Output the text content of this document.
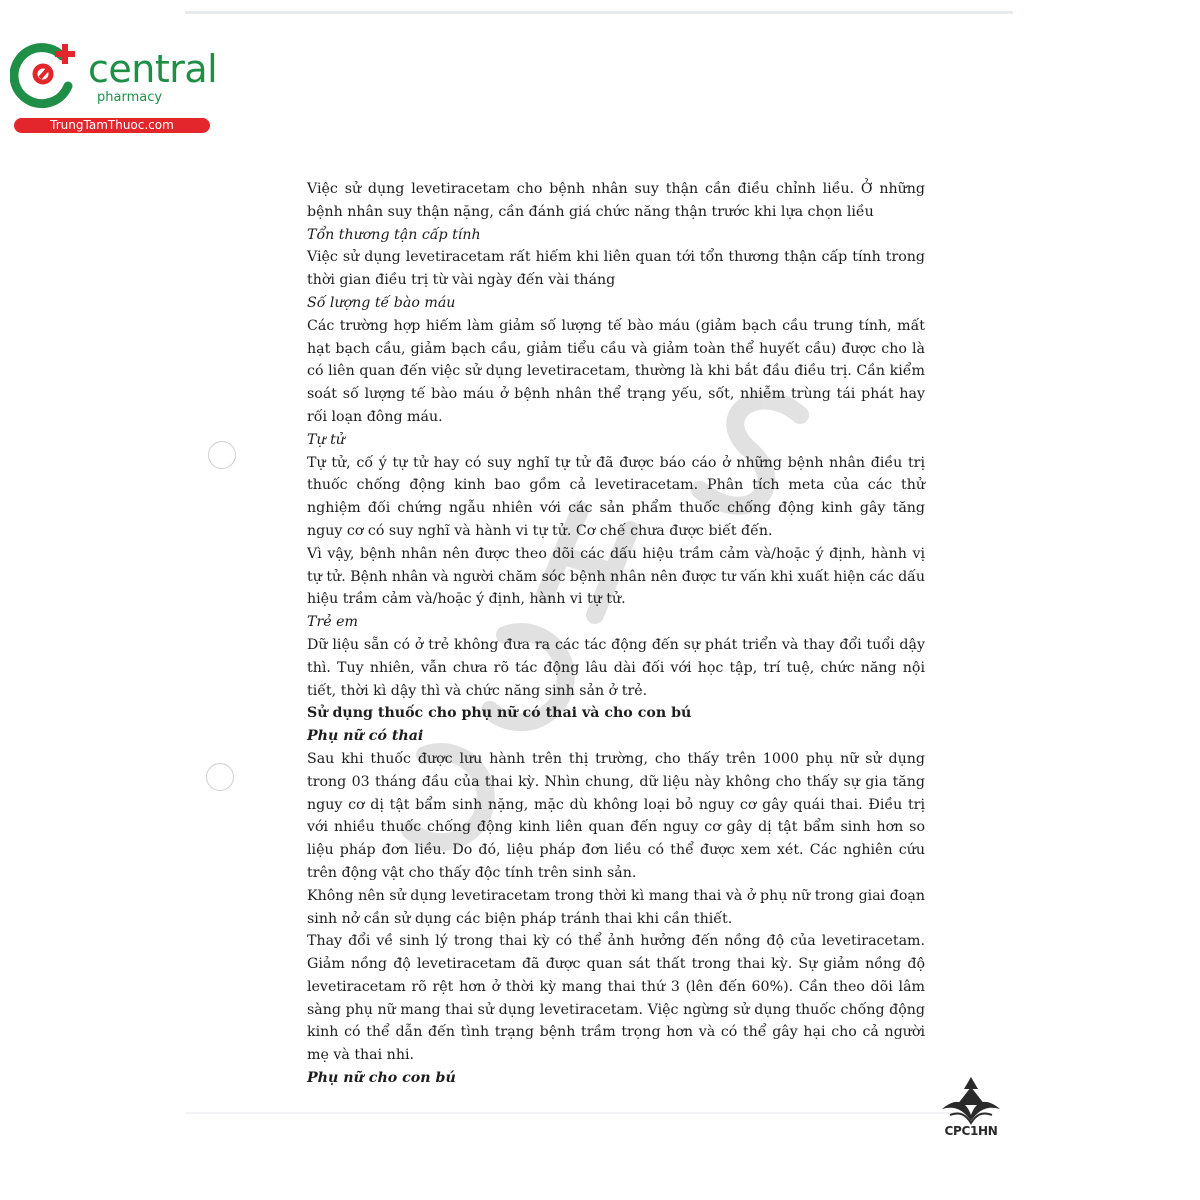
central
pharmacy
TrungTamThuoc.com
CCHS

Việc sử dụng levetiracetam cho bệnh nhân suy thận cần điều chỉnh liều. Ở những bệnh nhân suy thận nặng, cần đánh giá chức năng thận trước khi lựa chọn liều

Tổn thương tận cấp tính

Việc sử dụng levetiracetam rất hiếm khi liên quan tới tổn thương thận cấp tính trong thời gian điều trị từ vài ngày đến vài tháng

Số lượng tế bào máu

Các trường hợp hiếm làm giảm số lượng tế bào máu (giảm bạch cầu trung tính, mất hạt bạch cầu, giảm bạch cầu, giảm tiểu cầu và giảm toàn thể huyết cầu) được cho là có liên quan đến việc sử dụng levetiracetam, thường là khi bắt đầu điều trị. Cần kiểm soát số lượng tế bào máu ở bệnh nhân thể trạng yếu, sốt, nhiễm trùng tái phát hay rối loạn đông máu.

Tự tử

Tự tử, cố ý tự tử hay có suy nghĩ tự tử đã được báo cáo ở những bệnh nhân điều trị thuốc chống động kinh bao gồm cả levetiracetam. Phân tích meta của các thử nghiệm đối chứng ngẫu nhiên với các sản phẩm thuốc chống động kinh gây tăng nguy cơ có suy nghĩ và hành vi tự tử. Cơ chế chưa được biết đến.

Vì vậy, bệnh nhân nên được theo dõi các dấu hiệu trầm cảm và/hoặc ý định, hành vị tự tử. Bệnh nhân và người chăm sóc bệnh nhân nên được tư vấn khi xuất hiện các dấu hiệu trầm cảm và/hoặc ý định, hành vi tự tử.

Trẻ em

Dữ liệu sẵn có ở trẻ không đưa ra các tác động đến sự phát triển và thay đổi tuổi dậy thì. Tuy nhiên, vẫn chưa rõ tác động lâu dài đối với học tập, trí tuệ, chức năng nội tiết, thời kì dậy thì và chức năng sinh sản ở trẻ.

Sử dụng thuốc cho phụ nữ có thai và cho con bú

Phụ nữ có thai

Sau khi thuốc được lưu hành trên thị trường, cho thấy trên 1000 phụ nữ sử dụng trong 03 tháng đầu của thai kỳ. Nhìn chung, dữ liệu này không cho thấy sự gia tăng nguy cơ dị tật bẩm sinh nặng, mặc dù không loại bỏ nguy cơ gây quái thai. Điều trị với nhiều thuốc chống động kinh liên quan đến nguy cơ gây dị tật bẩm sinh hơn so liệu pháp đơn liều. Do đó, liệu pháp đơn liều có thể được xem xét. Các nghiên cứu trên động vật cho thấy độc tính trên sinh sản.

Không nên sử dụng levetiracetam trong thời kì mang thai và ở phụ nữ trong giai đoạn sinh nở cần sử dụng các biện pháp tránh thai khi cần thiết.

Thay đổi về sinh lý trong thai kỳ có thể ảnh hưởng đến nồng độ của levetiracetam. Giảm nồng độ levetiracetam đã được quan sát thất trong thai kỳ. Sự giảm nồng độ levetiracetam rõ rệt hơn ở thời kỳ mang thai thứ 3 (lên đến 60%). Cần theo dõi lâm sàng phụ nữ mang thai sử dụng levetiracetam. Việc ngừng sử dụng thuốc chống động kinh có thể dẫn đến tình trạng bệnh trầm trọng hơn và có thể gây hại cho cả người mẹ và thai nhi.

Phụ nữ cho con bú

CPC1HN
